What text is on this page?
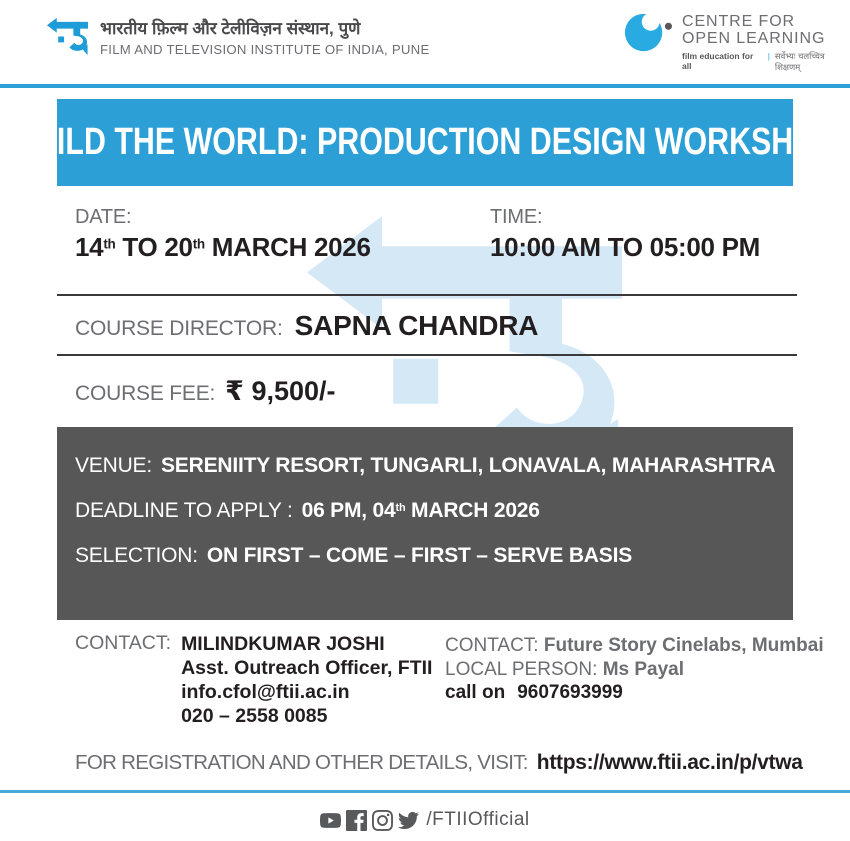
भारतीय फ़िल्म और टेलीविज़न संस्थान, पुणे
FILM AND TELEVISION INSTITUTE OF INDIA, PUNE
CENTRE FOR
OPEN LEARNING
film education for all
| सर्वेभ्यः चलच्चित्र शिक्षणम्
BUILD THE WORLD: PRODUCTION DESIGN WORKSHOP
DATE:
14th TO 20th MARCH 2026
TIME:
10:00 AM TO 05:00 PM
COURSE DIRECTOR: SAPNA CHANDRA
COURSE FEE: ₹ 9,500/-
VENUE: SERENIITY RESORT, TUNGARLI, LONAVALA, MAHARASHTRA
DEADLINE TO APPLY : 06 PM, 04th MARCH 2026
SELECTION: ON FIRST – COME – FIRST – SERVE BASIS
CONTACT: MILINDKUMAR JOSHI
Asst. Outreach Officer, FTII
info.cfol@ftii.ac.in
020 – 2558 0085
CONTACT: Future Story Cinelabs, Mumbai
LOCAL PERSON: Ms Payal
call on 9607693999
FOR REGISTRATION AND OTHER DETAILS, VISIT: https://www.ftii.ac.in/p/vtwa
/FTIIOfficial
